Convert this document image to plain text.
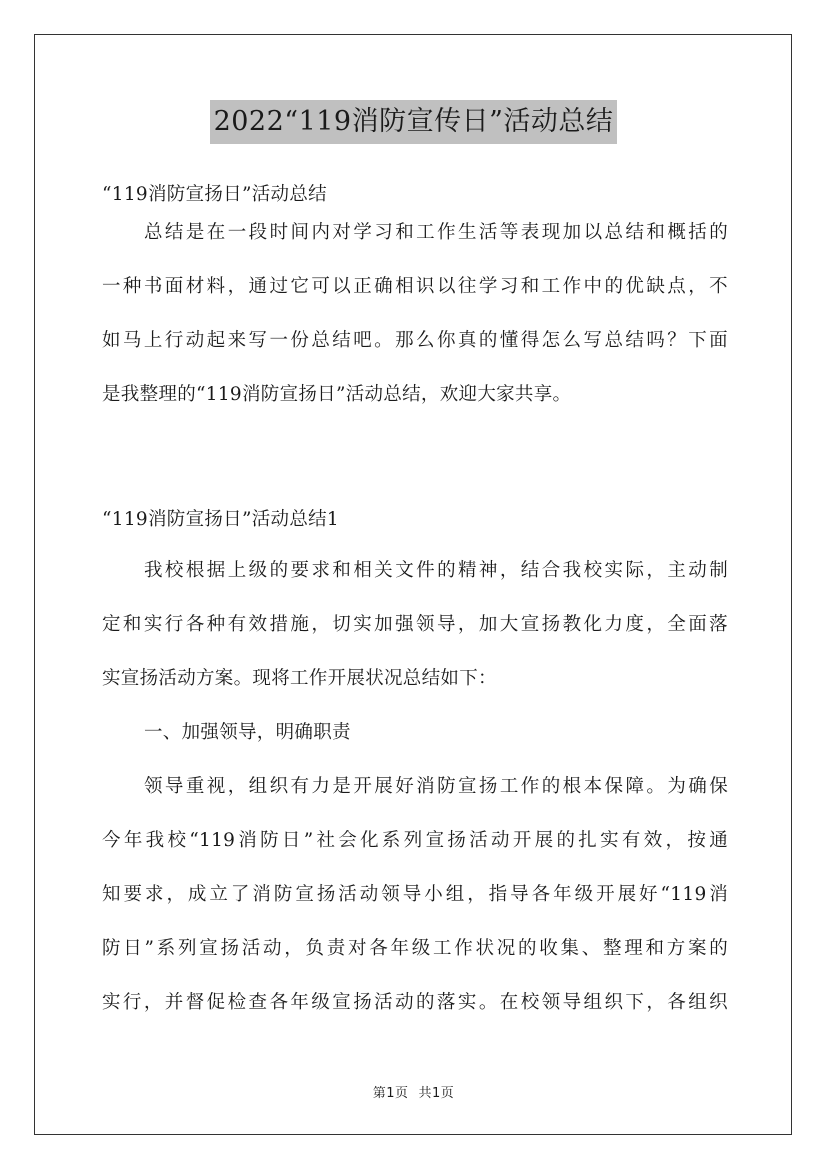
2022“119消防宣传日”活动总结

“119消防宣扬日”活动总结

总结是在一段时间内对学习和工作生活等表现加以总结和概括的
一种书面材料，通过它可以正确相识以往学习和工作中的优缺点，不
如马上行动起来写一份总结吧。那么你真的懂得怎么写总结吗？下面
是我整理的“119消防宣扬日”活动总结，欢迎大家共享。

“119消防宣扬日”活动总结1

我校根据上级的要求和相关文件的精神，结合我校实际，主动制
定和实行各种有效措施，切实加强领导，加大宣扬教化力度，全面落
实宣扬活动方案。现将工作开展状况总结如下：

一、加强领导，明确职责

领导重视，组织有力是开展好消防宣扬工作的根本保障。为确保
今年我校“119消防日”社会化系列宣扬活动开展的扎实有效，按通
知要求，成立了消防宣扬活动领导小组，指导各年级开展好“119消
防日”系列宣扬活动，负责对各年级工作状况的收集、整理和方案的
实行，并督促检查各年级宣扬活动的落实。在校领导组织下，各组织
第1页 共1页
